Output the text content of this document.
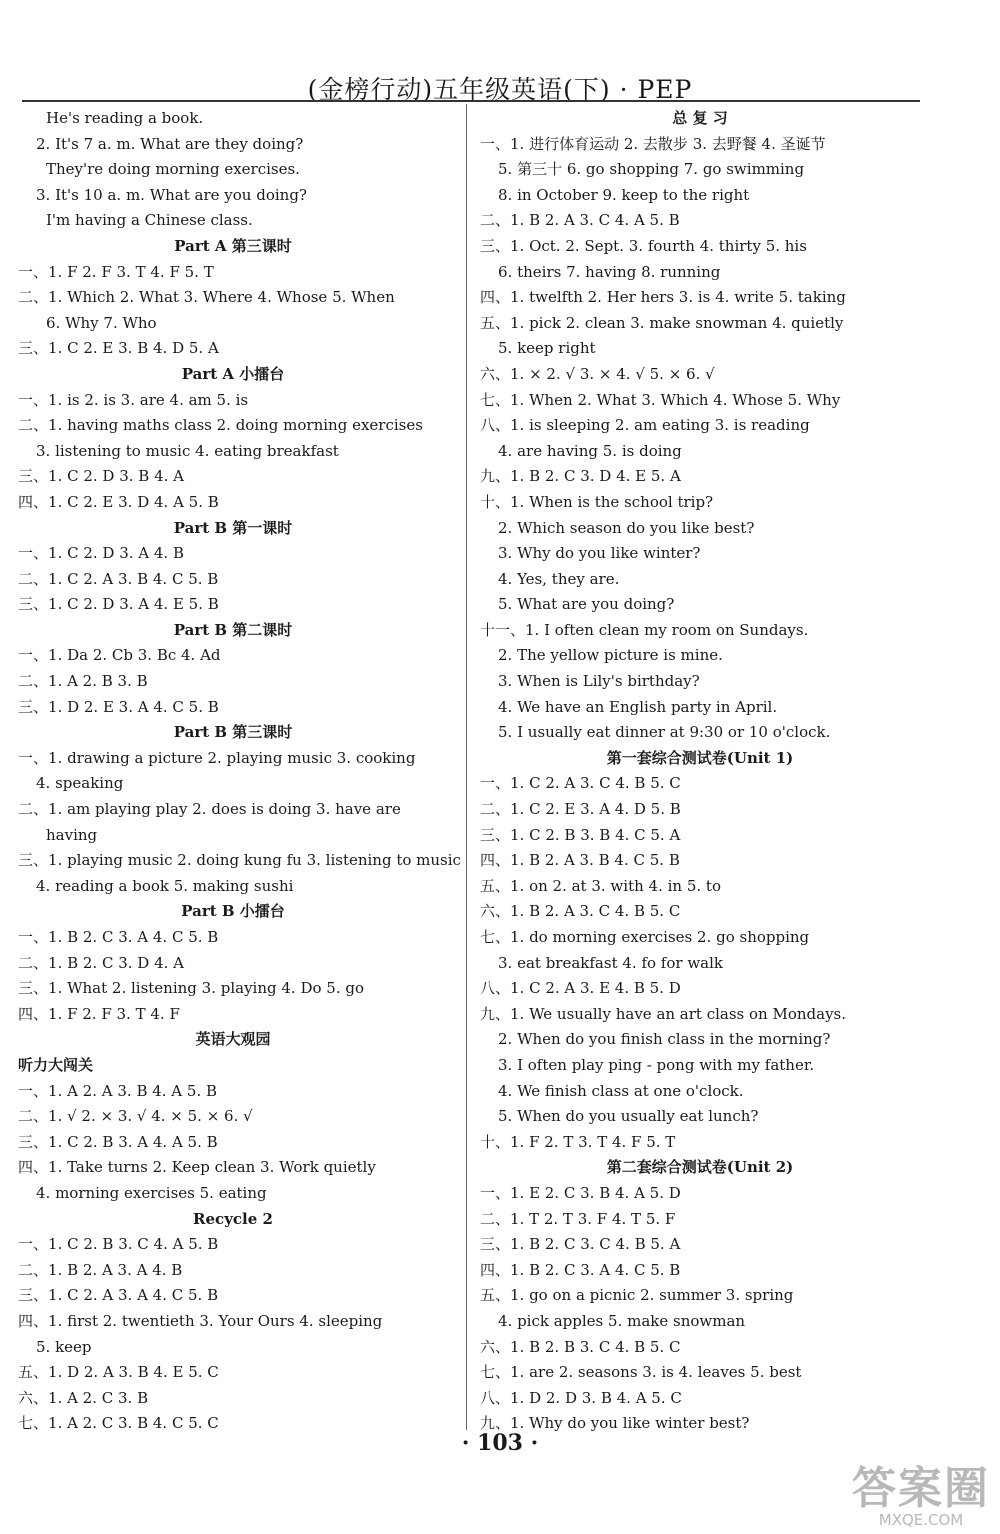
(金榜行动)五年级英语(下) · PEP
He's reading a book.
2. It's 7 a. m. What are they doing?
They're doing morning exercises.
3. It's 10 a. m. What are you doing?
I'm having a Chinese class.
Part A 第三课时
一、1. F 2. F 3. T 4. F 5. T
二、1. Which 2. What 3. Where 4. Whose 5. When
6. Why 7. Who
三、1. C 2. E 3. B 4. D 5. A
Part A 小擂台
一、1. is 2. is 3. are 4. am 5. is
二、1. having maths class 2. doing morning exercises
3. listening to music 4. eating breakfast
三、1. C 2. D 3. B 4. A
四、1. C 2. E 3. D 4. A 5. B
Part B 第一课时
一、1. C 2. D 3. A 4. B
二、1. C 2. A 3. B 4. C 5. B
三、1. C 2. D 3. A 4. E 5. B
Part B 第二课时
一、1. Da 2. Cb 3. Bc 4. Ad
二、1. A 2. B 3. B
三、1. D 2. E 3. A 4. C 5. B
Part B 第三课时
一、1. drawing a picture 2. playing music 3. cooking
4. speaking
二、1. am playing play 2. does is doing 3. have are
having
三、1. playing music 2. doing kung fu 3. listening to music
4. reading a book 5. making sushi
Part B 小擂台
一、1. B 2. C 3. A 4. C 5. B
二、1. B 2. C 3. D 4. A
三、1. What 2. listening 3. playing 4. Do 5. go
四、1. F 2. F 3. T 4. F
英语大观园
听力大闯关
一、1. A 2. A 3. B 4. A 5. B
二、1. √ 2. × 3. √ 4. × 5. × 6. √
三、1. C 2. B 3. A 4. A 5. B
四、1. Take turns 2. Keep clean 3. Work quietly
4. morning exercises 5. eating
Recycle 2
一、1. C 2. B 3. C 4. A 5. B
二、1. B 2. A 3. A 4. B
三、1. C 2. A 3. A 4. C 5. B
四、1. first 2. twentieth 3. Your Ours 4. sleeping
5. keep
五、1. D 2. A 3. B 4. E 5. C
六、1. A 2. C 3. B
七、1. A 2. C 3. B 4. C 5. C
总 复 习
一、1. 进行体育运动 2. 去散步 3. 去野餐 4. 圣诞节
5. 第三十 6. go shopping 7. go swimming
8. in October 9. keep to the right
二、1. B 2. A 3. C 4. A 5. B
三、1. Oct. 2. Sept. 3. fourth 4. thirty 5. his
6. theirs 7. having 8. running
四、1. twelfth 2. Her hers 3. is 4. write 5. taking
五、1. pick 2. clean 3. make snowman 4. quietly
5. keep right
六、1. × 2. √ 3. × 4. √ 5. × 6. √
七、1. When 2. What 3. Which 4. Whose 5. Why
八、1. is sleeping 2. am eating 3. is reading
4. are having 5. is doing
九、1. B 2. C 3. D 4. E 5. A
十、1. When is the school trip?
2. Which season do you like best?
3. Why do you like winter?
4. Yes, they are.
5. What are you doing?
十一、1. I often clean my room on Sundays.
2. The yellow picture is mine.
3. When is Lily's birthday?
4. We have an English party in April.
5. I usually eat dinner at 9:30 or 10 o'clock.
第一套综合测试卷(Unit 1)
一、1. C 2. A 3. C 4. B 5. C
二、1. C 2. E 3. A 4. D 5. B
三、1. C 2. B 3. B 4. C 5. A
四、1. B 2. A 3. B 4. C 5. B
五、1. on 2. at 3. with 4. in 5. to
六、1. B 2. A 3. C 4. B 5. C
七、1. do morning exercises 2. go shopping
3. eat breakfast 4. fo for walk
八、1. C 2. A 3. E 4. B 5. D
九、1. We usually have an art class on Mondays.
2. When do you finish class in the morning?
3. I often play ping - pong with my father.
4. We finish class at one o'clock.
5. When do you usually eat lunch?
十、1. F 2. T 3. T 4. F 5. T
第二套综合测试卷(Unit 2)
一、1. E 2. C 3. B 4. A 5. D
二、1. T 2. T 3. F 4. T 5. F
三、1. B 2. C 3. C 4. B 5. A
四、1. B 2. C 3. A 4. C 5. B
五、1. go on a picnic 2. summer 3. spring
4. pick apples 5. make snowman
六、1. B 2. B 3. C 4. B 5. C
七、1. are 2. seasons 3. is 4. leaves 5. best
八、1. D 2. D 3. B 4. A 5. C
九、1. Why do you like winter best?
· 103 ·
答案圈
MXQE.COM
